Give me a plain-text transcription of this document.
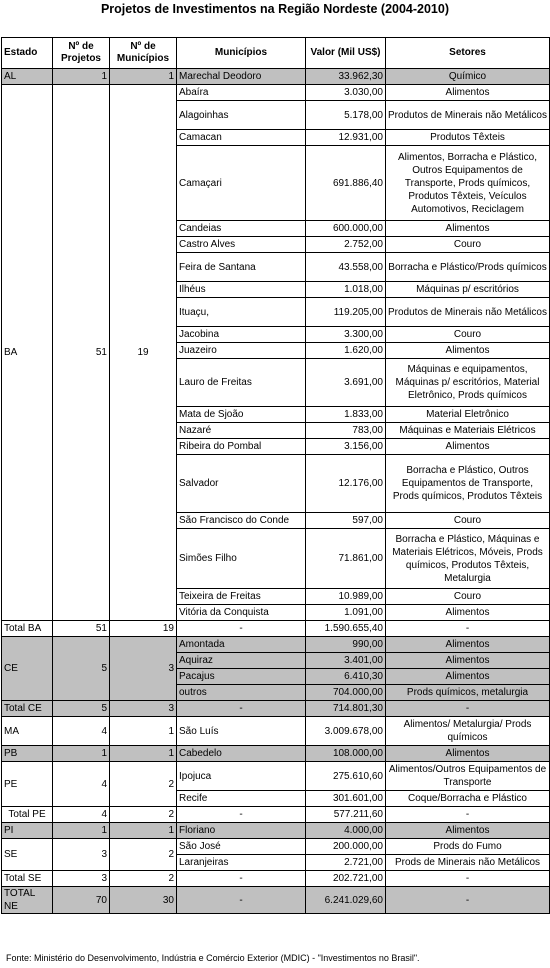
Projetos de Investimentos na Região Nordeste (2004-2010)
Estado	Nº de Projetos	Nº de Municípios	Municípios	Valor (Mil US$)	Setores
AL	1	1	Marechal Deodoro	33.962,30	Químico
BA	51	19	Abaíra	3.030,00	Alimentos
			Alagoinhas	5.178,00	Produtos de Minerais não Metálicos
			Camacan	12.931,00	Produtos Têxteis
			Camaçari	691.886,40	Alimentos, Borracha e Plástico, Outros Equipamentos de Transporte, Prods químicos, Produtos Têxteis, Veículos Automotivos, Reciclagem
			Candeias	600.000,00	Alimentos
			Castro Alves	2.752,00	Couro
			Feira de Santana	43.558,00	Borracha e Plástico/Prods químicos
			Ilhéus	1.018,00	Máquinas p/ escritórios
			Ituaçu,	119.205,00	Produtos de Minerais não Metálicos
			Jacobina	3.300,00	Couro
			Juazeiro	1.620,00	Alimentos
			Lauro de Freitas	3.691,00	Máquinas e equipamentos, Máquinas p/ escritórios, Material Eletrônico, Prods químicos
			Mata de Sjoão	1.833,00	Material Eletrônico
			Nazaré	783,00	Máquinas e Materiais Elétricos
			Ribeira do Pombal	3.156,00	Alimentos
			Salvador	12.176,00	Borracha e Plástico, Outros Equipamentos de Transporte, Prods químicos, Produtos Têxteis
			São Francisco do Conde	597,00	Couro
			Simões Filho	71.861,00	Borracha e Plástico, Máquinas e Materiais Elétricos, Móveis, Prods químicos, Produtos Têxteis, Metalurgia
			Teixeira de Freitas	10.989,00	Couro
			Vitória da Conquista	1.091,00	Alimentos
Total BA	51	19	-	1.590.655,40	-
CE	5	3	Amontada	990,00	Alimentos
			Aquiraz	3.401,00	Alimentos
			Pacajus	6.410,30	Alimentos
			outros	704.000,00	Prods químicos, metalurgia
Total CE	5	3	-	714.801,30	-
MA	4	1	São Luís	3.009.678,00	Alimentos/ Metalurgia/ Prods químicos
PB	1	1	Cabedelo	108.000,00	Alimentos
PE	4	2	Ipojuca	275.610,60	Alimentos/Outros Equipamentos de Transporte
			Recife	301.601,00	Coque/Borracha e Plástico
Total PE	4	2	-	577.211,60	-
PI	1	1	Floriano	4.000,00	Alimentos
SE	3	2	São José	200.000,00	Prods do Fumo
			Laranjeiras	2.721,00	Prods de Minerais não Metálicos
Total SE	3	2	-	202.721,00	-
TOTAL NE	70	30	-	6.241.029,60	-
Fonte: Ministério do Desenvolvimento, Indústria e Comércio Exterior (MDIC) - "Investimentos no Brasil".
